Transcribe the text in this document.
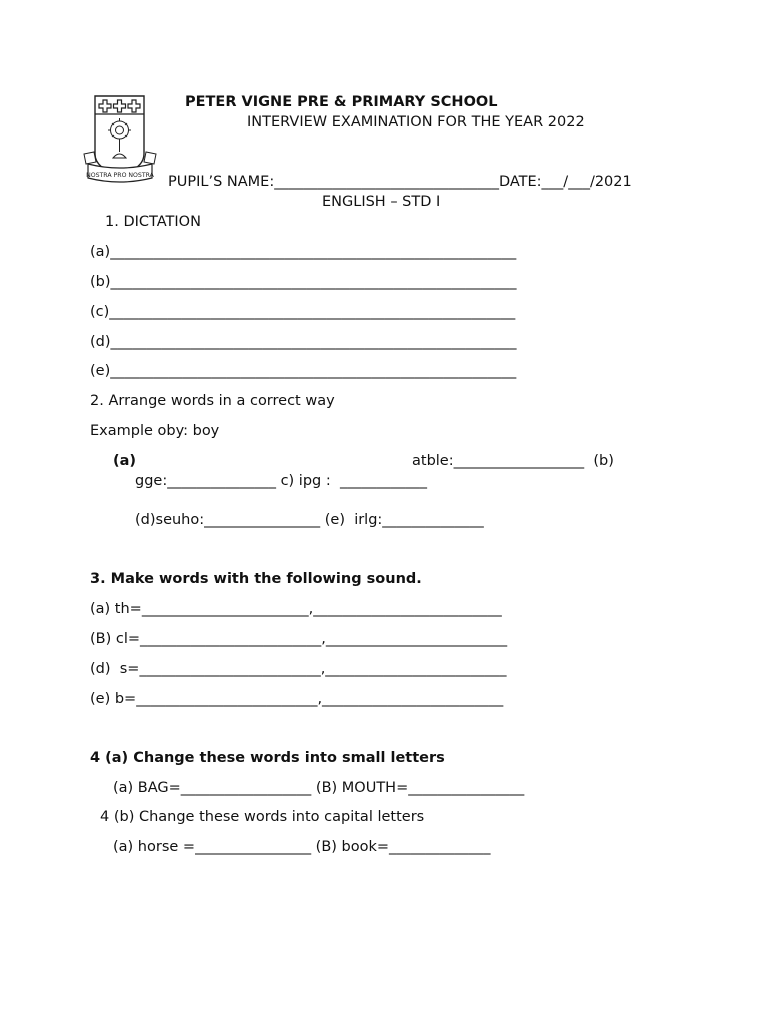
NOSTRA PRO NOSTRA
PETER VIGNE PRE & PRIMARY SCHOOL
INTERVIEW EXAMINATION FOR THE YEAR 2022
PUPIL’S NAME:_______________________________DATE:___/___/2021
ENGLISH – STD I
1. DICTATION
(a)________________________________________________________
(b)________________________________________________________
(c)________________________________________________________
(d)________________________________________________________
(e)________________________________________________________
2. Arrange words in a correct way
Example oby: boy
(a)	atble:__________________  (b)
gge:_______________ c) ipg :  ____________
(d)seuho:________________ (e)  irlg:______________
3. Make words with the following sound.
(a) th=_______________________,__________________________
(B) cl=_________________________,_________________________
(d)  s=_________________________,_________________________
(e) b=_________________________,_________________________
4 (a) Change these words into small letters
(a) BAG=__________________ (B) MOUTH=________________
4 (b) Change these words into capital letters
(a) horse =________________ (B) book=______________
